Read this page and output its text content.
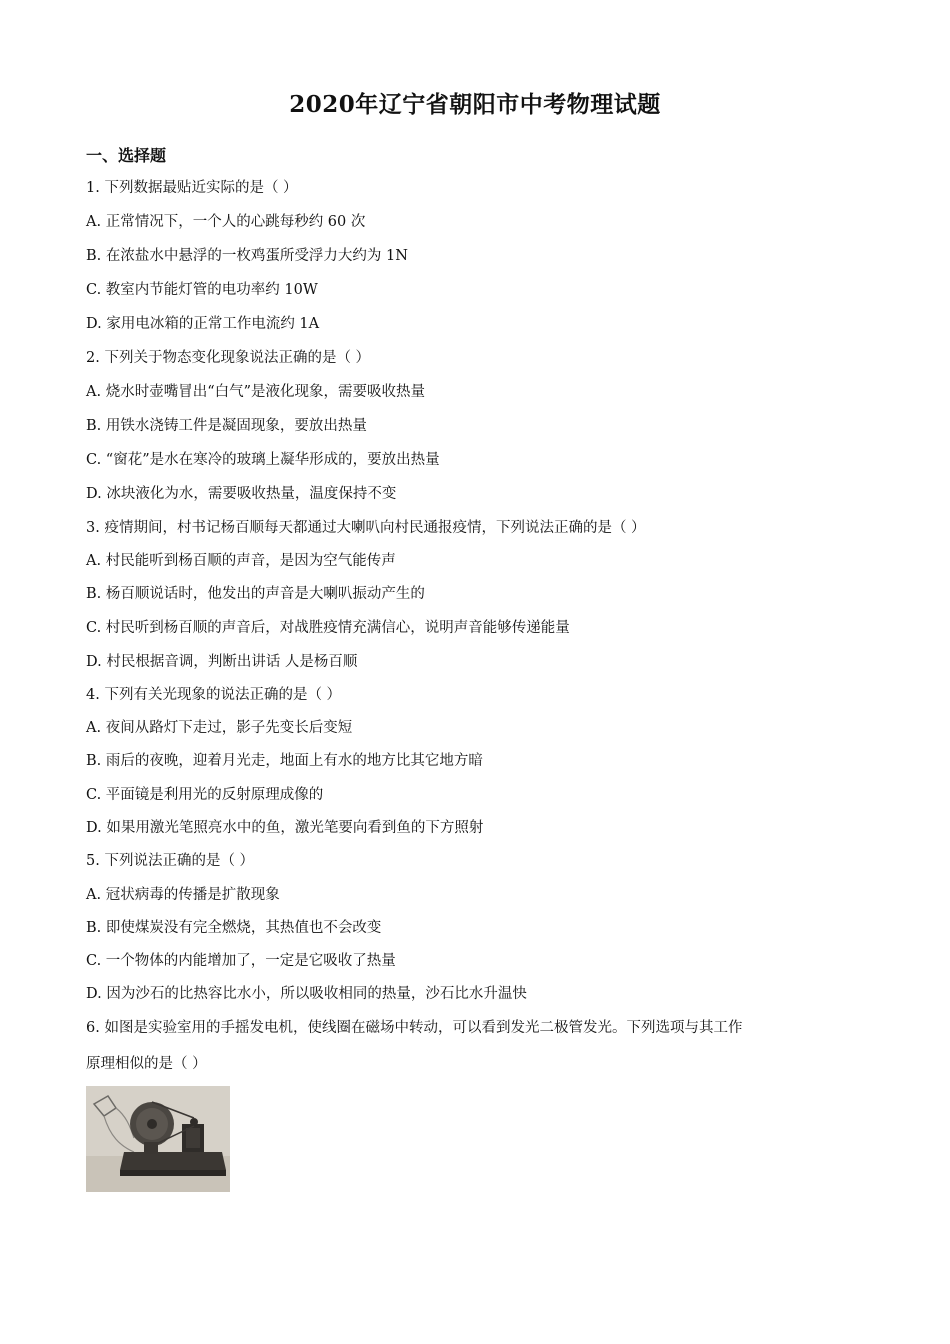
2020年辽宁省朝阳市中考物理试题
一、选择题
1. 下列数据最贴近实际的是（ ）
A. 正常情况下，一个人的心跳每秒约 60 次
B. 在浓盐水中悬浮的一枚鸡蛋所受浮力大约为 1N
C. 教室内节能灯管的电功率约 10W
D. 家用电冰箱的正常工作电流约 1A
2. 下列关于物态变化现象说法正确的是（ ）
A. 烧水时壶嘴冒出“白气”是液化现象，需要吸收热量
B. 用铁水浇铸工件是凝固现象，要放出热量
C. “窗花”是水在寒冷的玻璃上凝华形成的，要放出热量
D. 冰块液化为水，需要吸收热量，温度保持不变
3. 疫情期间，村书记杨百顺每天都通过大喇叭向村民通报疫情，下列说法正确的是（ ）
A. 村民能听到杨百顺的声音，是因为空气能传声
B. 杨百顺说话时，他发出的声音是大喇叭振动产生的
C. 村民听到杨百顺的声音后，对战胜疫情充满信心，说明声音能够传递能量
D. 村民根据音调，判断出讲话 人是杨百顺
4. 下列有关光现象的说法正确的是（ ）
A. 夜间从路灯下走过，影子先变长后变短
B. 雨后的夜晚，迎着月光走，地面上有水的地方比其它地方暗
C. 平面镜是利用光的反射原理成像的
D. 如果用激光笔照亮水中的鱼，激光笔要向看到鱼的下方照射
5. 下列说法正确的是（ ）
A. 冠状病毒的传播是扩散现象
B. 即使煤炭没有完全燃烧，其热值也不会改变
C. 一个物体的内能增加了，一定是它吸收了热量
D. 因为沙石的比热容比水小，所以吸收相同的热量，沙石比水升温快
6. 如图是实验室用的手摇发电机，使线圈在磁场中转动，可以看到发光二极管发光。下列选项与其工作
原理相似的是（ ）
